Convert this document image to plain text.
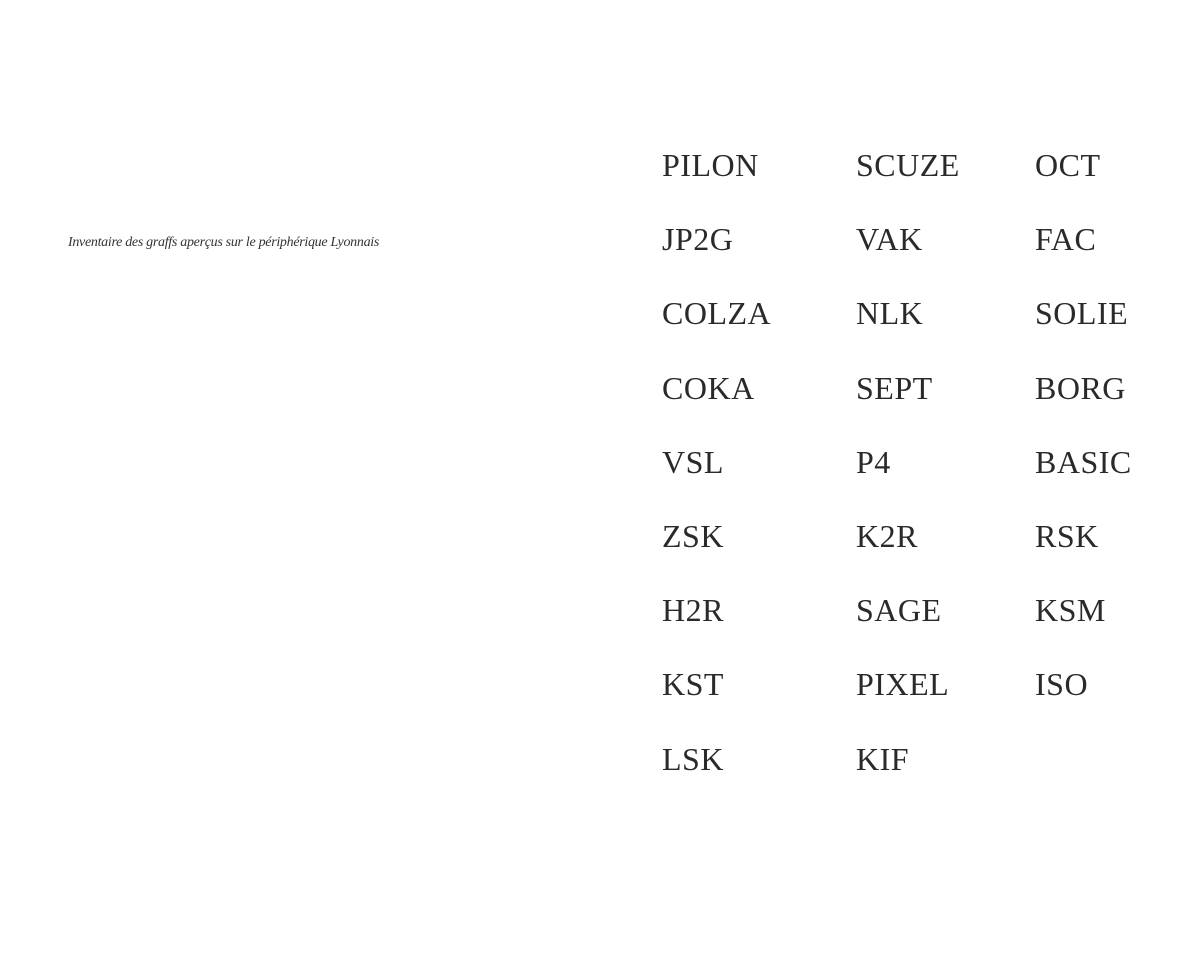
Inventaire des graffs aperçus sur le périphérique Lyonnais
PILON	SCUZE	OCT
JP2G	VAK	FAC
COLZA	NLK	SOLIE
COKA	SEPT	BORG
VSL	P4	BASIC
ZSK	K2R	RSK
H2R	SAGE	KSM
KST	PIXEL	ISO
LSK	KIF
